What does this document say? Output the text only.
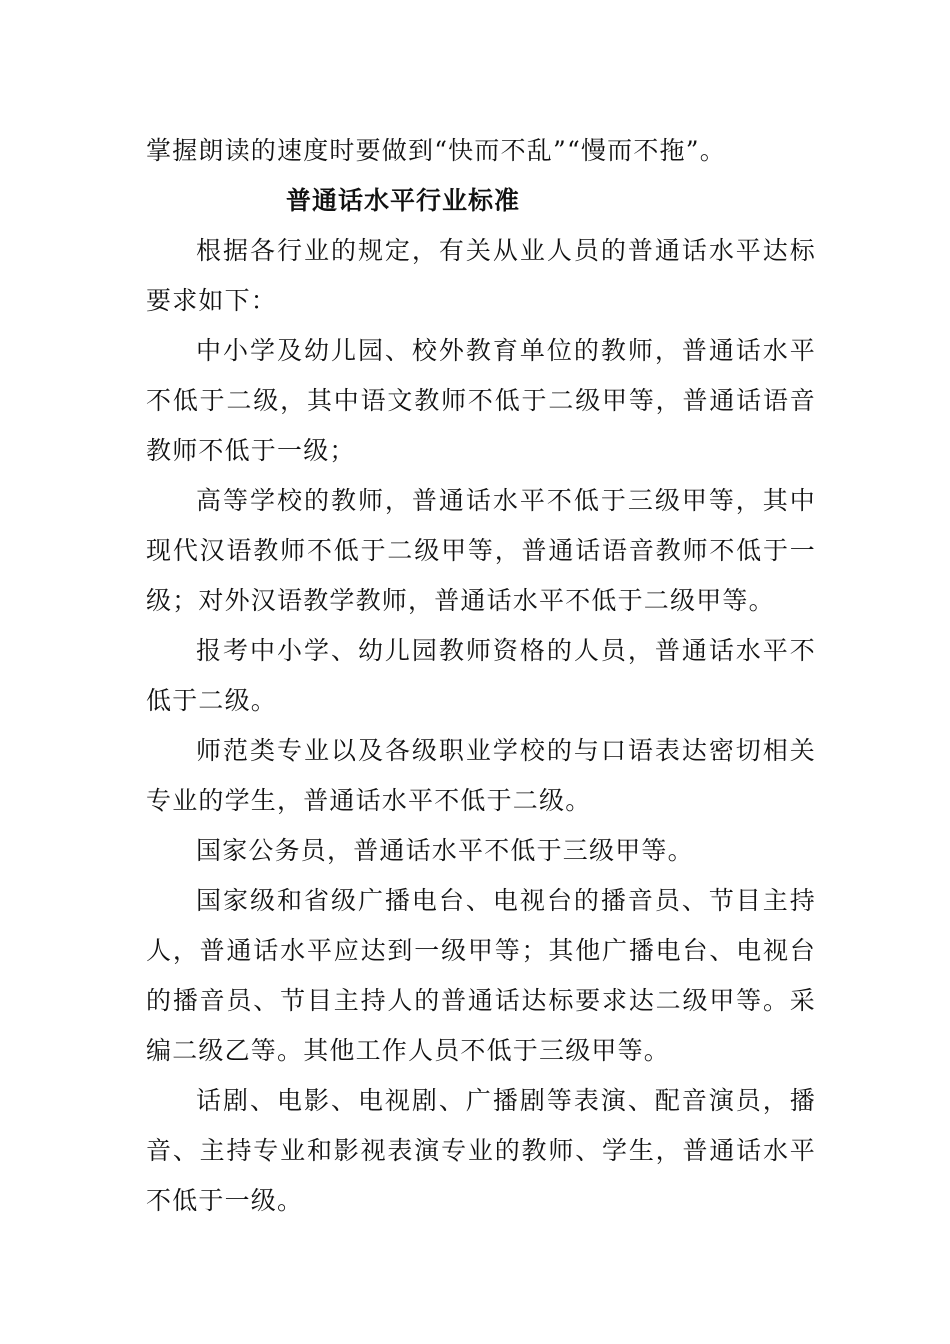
掌握朗读的速度时要做到“快而不乱”“慢而不拖”。

普通话水平行业标准

根据各行业的规定，有关从业人员的普通话水平达标要求如下：

中小学及幼儿园、校外教育单位的教师，普通话水平不低于二级，其中语文教师不低于二级甲等，普通话语音教师不低于一级；

高等学校的教师，普通话水平不低于三级甲等，其中现代汉语教师不低于二级甲等，普通话语音教师不低于一级；对外汉语教学教师，普通话水平不低于二级甲等。

报考中小学、幼儿园教师资格的人员，普通话水平不低于二级。

师范类专业以及各级职业学校的与口语表达密切相关专业的学生，普通话水平不低于二级。

国家公务员，普通话水平不低于三级甲等。

国家级和省级广播电台、电视台的播音员、节目主持人，普通话水平应达到一级甲等；其他广播电台、电视台的播音员、节目主持人的普通话达标要求达二级甲等。采编二级乙等。其他工作人员不低于三级甲等。

话剧、电影、电视剧、广播剧等表演、配音演员，播音、主持专业和影视表演专业的教师、学生，普通话水平不低于一级。
